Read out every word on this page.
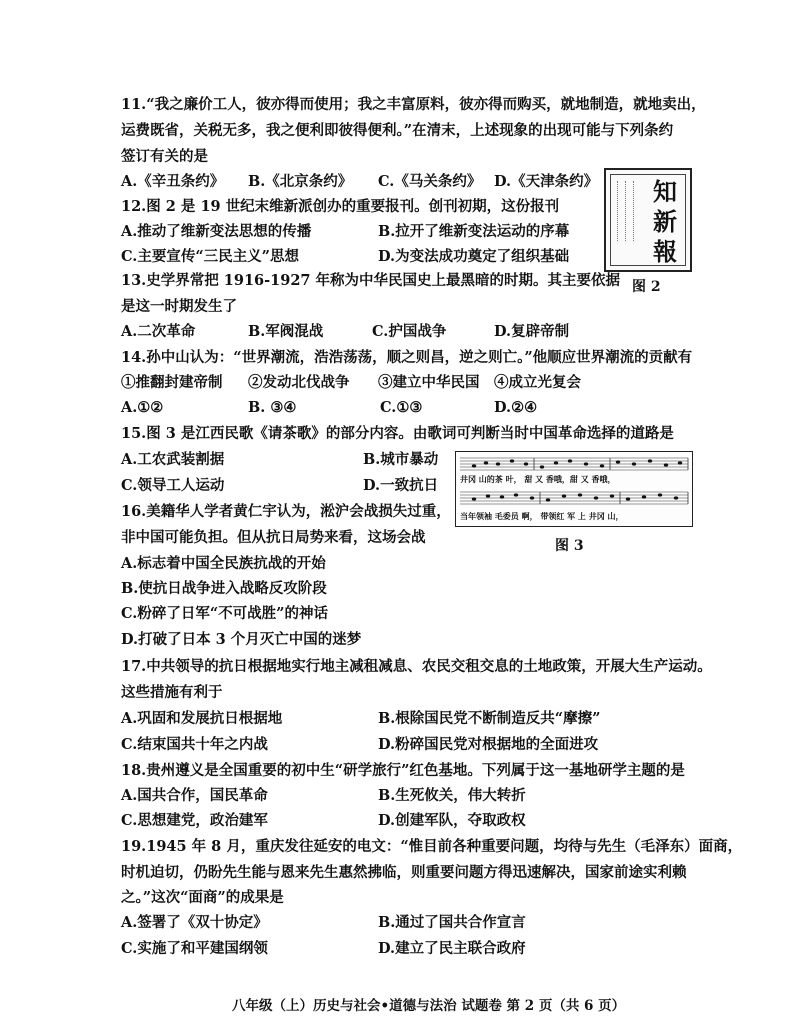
11.“我之廉价工人，彼亦得而使用；我之丰富原料，彼亦得而购买，就地制造，就地卖出，
运费既省，关税无多，我之便利即彼得便利。”在清末，上述现象的出现可能与下列条约
签订有关的是
A.《辛丑条约》 B.《北京条约》 C.《马关条约》 D.《天津条约》
12.图 2 是 19 世纪末维新派创办的重要报刊。创刊初期，这份报刊
A.推动了维新变法思想的传播	B.拉开了维新变法运动的序幕
C.主要宣传“三民主义”思想	D.为变法成功奠定了组织基础
知
新
報
图 2
13.史学界常把 1916-1927 年称为中华民国史上最黑暗的时期。其主要依据
是这一时期发生了
A.二次革命	B.军阀混战	C.护国战争	D.复辟帝制
14.孙中山认为：“世界潮流，浩浩荡荡，顺之则昌，逆之则亡。”他顺应世界潮流的贡献有
①推翻封建帝制 ②发动北伐战争 ③建立中华民国 ④成立光复会
A.①②	B. ③④	C.①③	D.②④
15.图 3 是江西民歌《请茶歌》的部分内容。由歌词可判断当时中国革命选择的道路是
A.工农武装割据	B.城市暴动
C.领导工人运动	D.一致抗日	井冈 山的茶 叶， 甜 又 香哦，甜 又 香哦，
当年领袖 毛委员 啊， 带领红 军 上 井冈 山，
图 3
16.美籍华人学者黄仁宇认为，淞沪会战损失过重，
非中国可能负担。但从抗日局势来看，这场会战
A.标志着中国全民族抗战的开始
B.使抗日战争进入战略反攻阶段
C.粉碎了日军“不可战胜”的神话
D.打破了日本 3 个月灭亡中国的迷梦
17.中共领导的抗日根据地实行地主减租减息、农民交租交息的土地政策，开展大生产运动。
这些措施有利于
A.巩固和发展抗日根据地	B.根除国民党不断制造反共“摩擦”
C.结束国共十年之内战	D.粉碎国民党对根据地的全面进攻
18.贵州遵义是全国重要的初中生“研学旅行”红色基地。下列属于这一基地研学主题的是
A.国共合作，国民革命	B.生死攸关，伟大转折
C.思想建党，政治建军	D.创建军队，夺取政权
19.1945 年 8 月，重庆发往延安的电文：“惟目前各种重要问题，均待与先生（毛泽东）面商，
时机迫切，仍盼先生能与恩来先生惠然拂临，则重要问题方得迅速解决，国家前途实利赖
之。”这次“面商”的成果是
A.签署了《双十协定》	B.通过了国共合作宣言
C.实施了和平建国纲领	D.建立了民主联合政府
八年级（上）历史与社会•道德与法治 试题卷 第 2 页（共 6 页）
